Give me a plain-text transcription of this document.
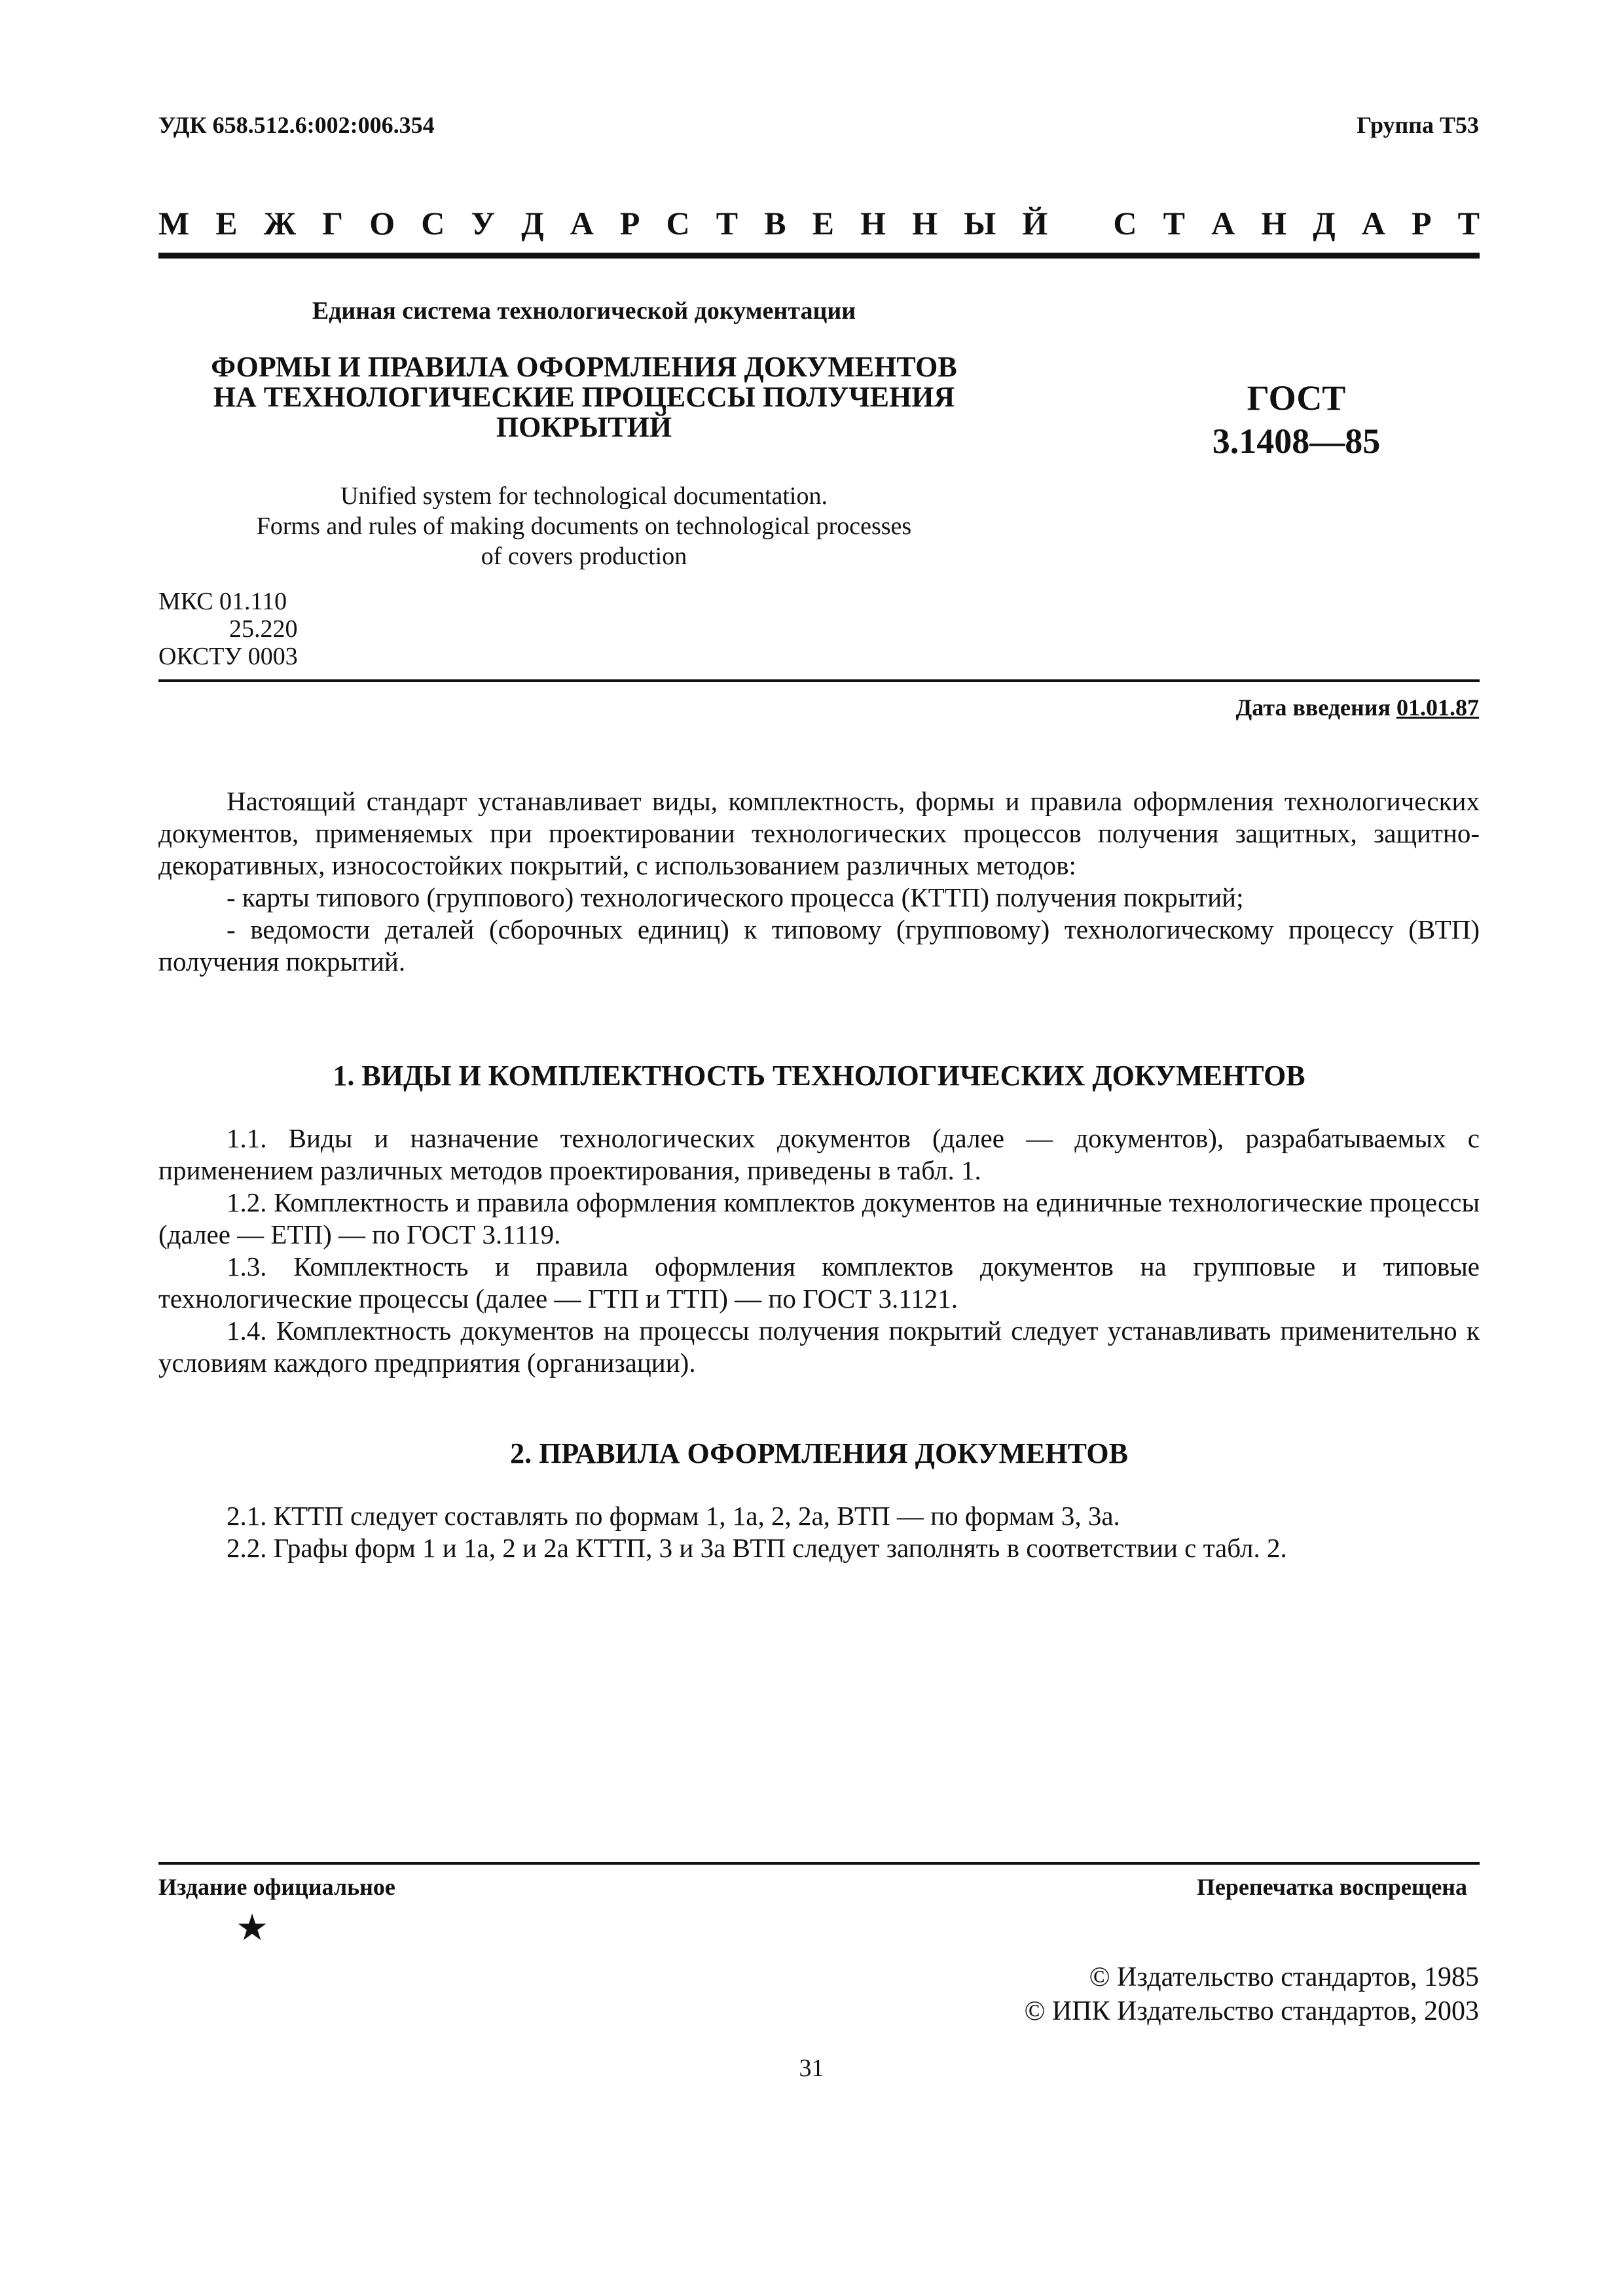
УДК 658.512.6:002:006.354	Группа Т53
М Е Ж Г О С У Д А Р С Т В Е Н Н Ы Й С Т А Н Д А Р Т
Единая система технологической документации
ФОРМЫ И ПРАВИЛА ОФОРМЛЕНИЯ ДОКУМЕНТОВ
НА ТЕХНОЛОГИЧЕСКИЕ ПРОЦЕССЫ ПОЛУЧЕНИЯ
ПОКРЫТИЙ
ГОСТ
3.1408—85
Unified system for technological documentation.
Forms and rules of making documents on technological processes
of covers production
МКС 01.110
25.220
ОКСТУ 0003
Дата введения 01.01.87

Настоящий стандарт устанавливает виды, комплектность, формы и правила оформления технологических документов, применяемых при проектировании технологических процессов получения защитных, защитно-декоративных, износостойких покрытий, с использованием различных методов:

- карты типового (группового) технологического процесса (КТТП) получения покрытий;

- ведомости деталей (сборочных единиц) к типовому (групповому) технологическому процессу (ВТП) получения покрытий.

1. ВИДЫ И КОМПЛЕКТНОСТЬ ТЕХНОЛОГИЧЕСКИХ ДОКУМЕНТОВ

1.1. Виды и назначение технологических документов (далее — документов), разрабатываемых с применением различных методов проектирования, приведены в табл. 1.

1.2. Комплектность и правила оформления комплектов документов на единичные технологические процессы (далее — ЕТП) — по ГОСТ 3.1119.

1.3. Комплектность и правила оформления комплектов документов на групповые и типовые технологические процессы (далее — ГТП и ТТП) — по ГОСТ 3.1121.

1.4. Комплектность документов на процессы получения покрытий следует устанавливать применительно к условиям каждого предприятия (организации).

2. ПРАВИЛА ОФОРМЛЕНИЯ ДОКУМЕНТОВ

2.1. КТТП следует составлять по формам 1, 1а, 2, 2а, ВТП — по формам 3, 3а.

2.2. Графы форм 1 и 1а, 2 и 2а КТТП, 3 и 3а ВТП следует заполнять в соответствии с табл. 2.

Издание официальное	Перепечатка воспрещена
★
© Издательство стандартов, 1985
© ИПК Издательство стандартов, 2003
31
